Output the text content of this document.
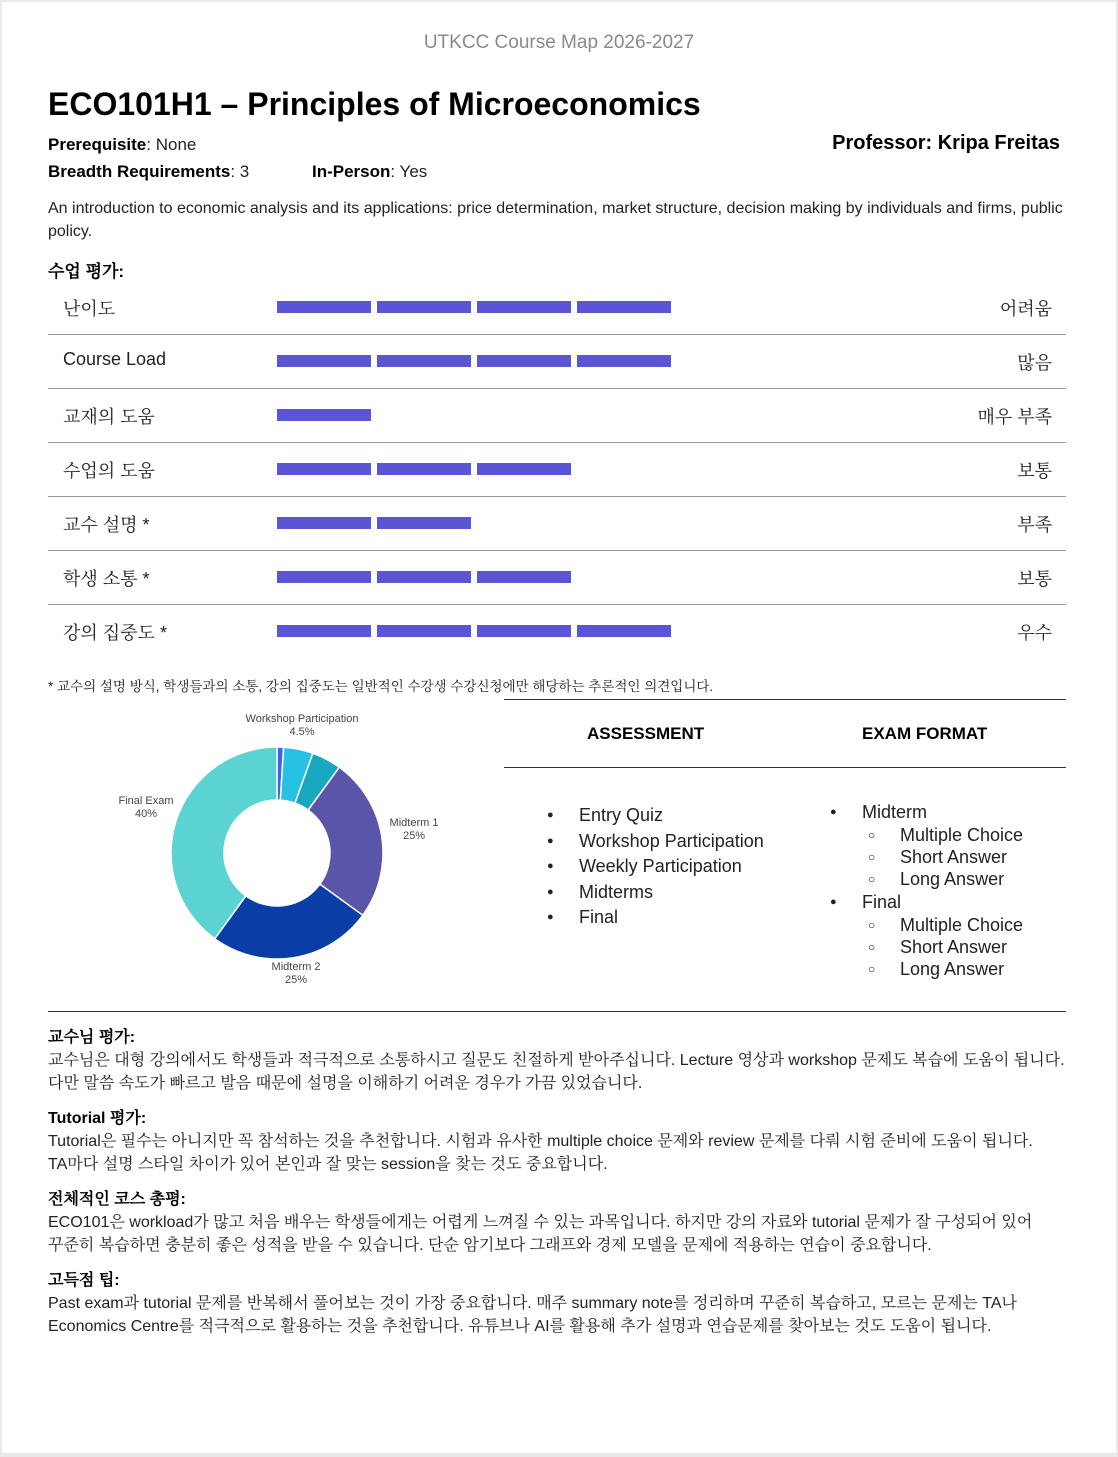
UTKCC Course Map 2026-2027
ECO101H1 – Principles of Microeconomics
Prerequisite: None
Breadth Requirements: 3	In-Person: Yes
Professor: Kripa Freitas
An introduction to economic analysis and its applications: price determination, market structure, decision making by individuals and firms, public policy.
수업 평가:
난이도	어려움
Course Load	많음
교재의 도움	매우 부족
수업의 도움	보통
교수 설명 *	부족
학생 소통 *	보통
강의 집중도 *	우수
* 교수의 설명 방식, 학생들과의 소통, 강의 집중도는 일반적인 수강생 수강신청에만 해당하는 추론적인 의견입니다.
Workshop Participation
4.5%
Midterm 1
25%
Midterm 2
25%
Final Exam
40%
ASSESSMENT	EXAM FORMAT
● Entry Quiz
● Workshop Participation
● Weekly Participation
● Midterms
● Final
● Midterm
○ Multiple Choice
○ Short Answer
○ Long Answer
● Final
○ Multiple Choice
○ Short Answer
○ Long Answer
교수님 평가:
교수님은 대형 강의에서도 학생들과 적극적으로 소통하시고 질문도 친절하게 받아주십니다. Lecture 영상과 workshop 문제도 복습에 도움이 됩니다.
다만 말씀 속도가 빠르고 발음 때문에 설명을 이해하기 어려운 경우가 가끔 있었습니다.
Tutorial 평가:
Tutorial은 필수는 아니지만 꼭 참석하는 것을 추천합니다. 시험과 유사한 multiple choice 문제와 review 문제를 다뤄 시험 준비에 도움이 됩니다.
TA마다 설명 스타일 차이가 있어 본인과 잘 맞는 session을 찾는 것도 중요합니다.
전체적인 코스 총평:
ECO101은 workload가 많고 처음 배우는 학생들에게는 어렵게 느껴질 수 있는 과목입니다. 하지만 강의 자료와 tutorial 문제가 잘 구성되어 있어
꾸준히 복습하면 충분히 좋은 성적을 받을 수 있습니다. 단순 암기보다 그래프와 경제 모델을 문제에 적용하는 연습이 중요합니다.
고득점 팁:
Past exam과 tutorial 문제를 반복해서 풀어보는 것이 가장 중요합니다. 매주 summary note를 정리하며 꾸준히 복습하고, 모르는 문제는 TA나
Economics Centre를 적극적으로 활용하는 것을 추천합니다. 유튜브나 AI를 활용해 추가 설명과 연습문제를 찾아보는 것도 도움이 됩니다.
